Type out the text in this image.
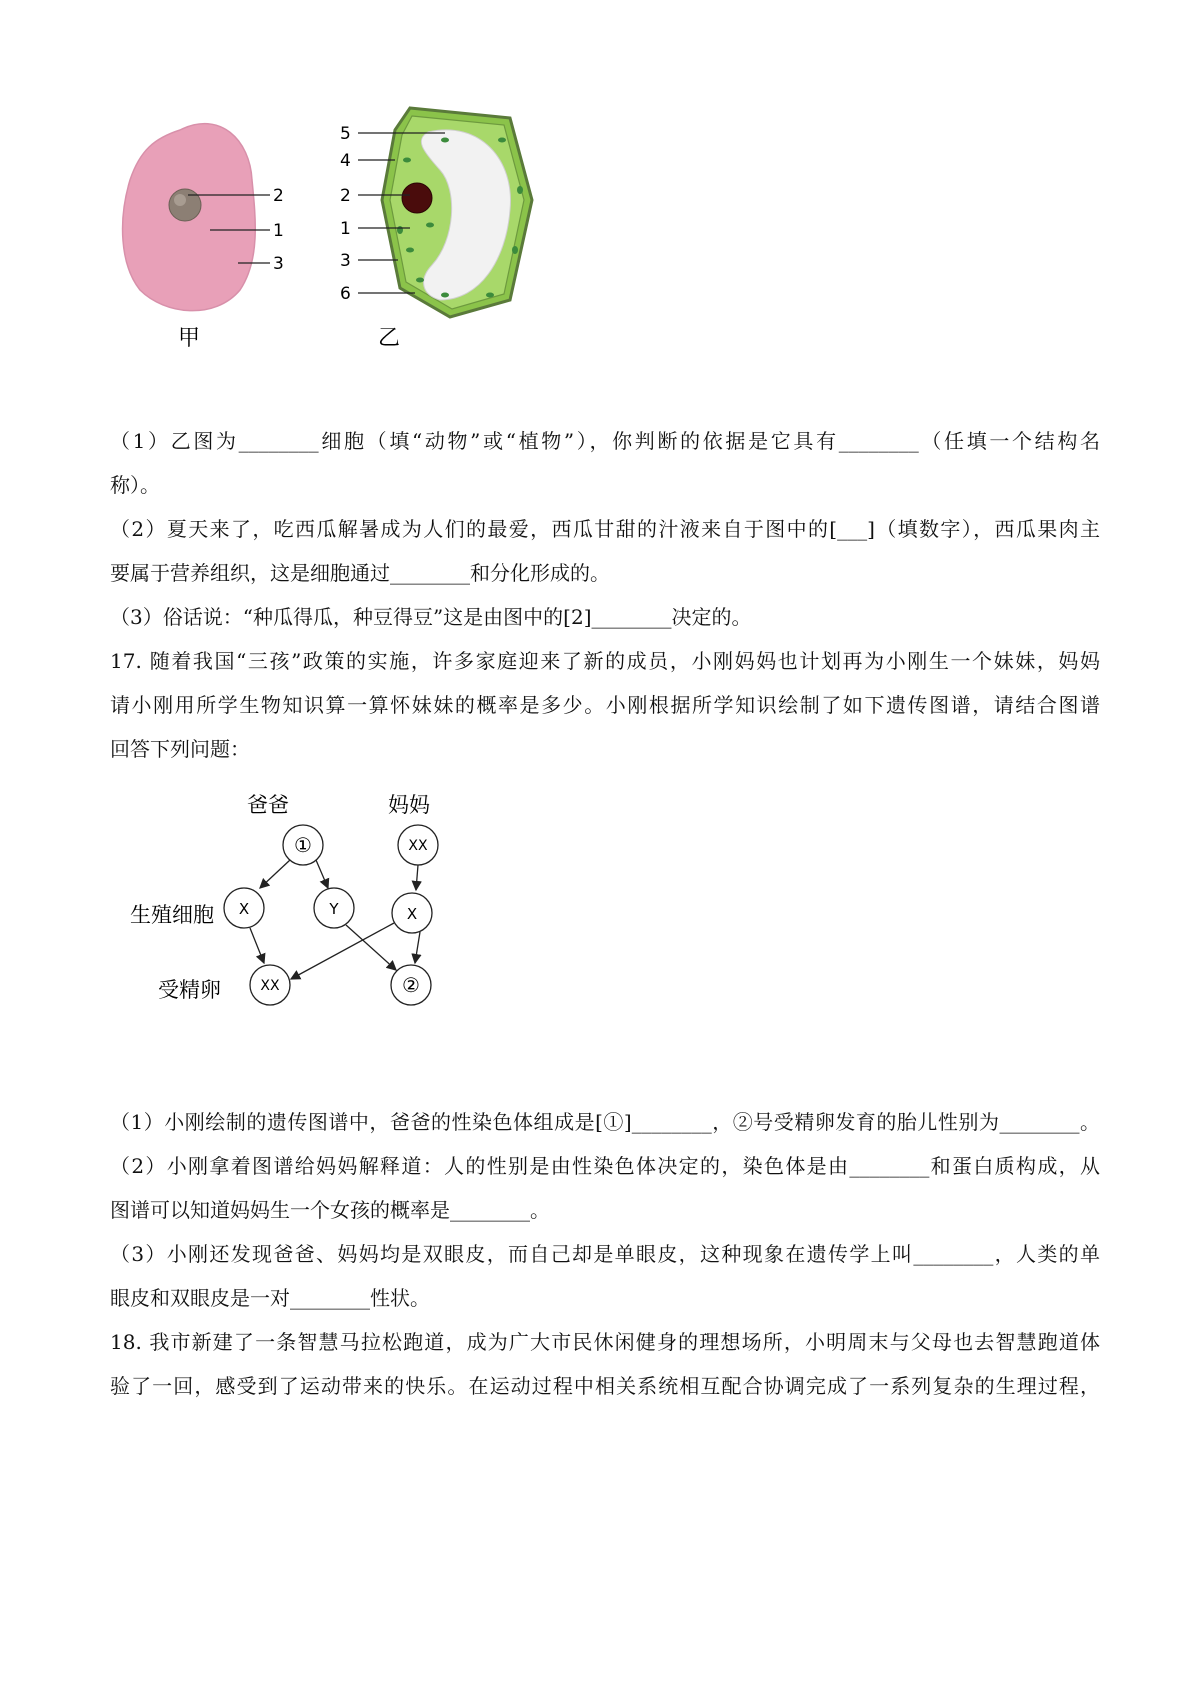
2
1
3
甲
5
4
2
1
3
6
乙

（1）乙图为________细胞（填“动物”或“植物”），你判断的依据是它具有________（任填一个结构名

称）。

（2）夏天来了，吃西瓜解暑成为人们的最爱，西瓜甘甜的汁液来自于图中的[___]（填数字），西瓜果肉主

要属于营养组织，这是细胞通过________和分化形成的。

（3）俗话说：“种瓜得瓜，种豆得豆”这是由图中的[2]________决定的。

17. 随着我国“三孩”政策的实施，许多家庭迎来了新的成员，小刚妈妈也计划再为小刚生一个妹妹，妈妈

请小刚用所学生物知识算一算怀妹妹的概率是多少。小刚根据所学知识绘制了如下遗传图谱，请结合图谱

回答下列问题：

爸爸	妈妈
生殖细胞
受精卵
①	XX
X	Y	X
XX	②

（1）小刚绘制的遗传图谱中，爸爸的性染色体组成是[①]________，②号受精卵发育的胎儿性别为________。

（2）小刚拿着图谱给妈妈解释道：人的性别是由性染色体决定的，染色体是由________和蛋白质构成，从

图谱可以知道妈妈生一个女孩的概率是________。

（3）小刚还发现爸爸、妈妈均是双眼皮，而自己却是单眼皮，这种现象在遗传学上叫________，人类的单

眼皮和双眼皮是一对________性状。

18. 我市新建了一条智慧马拉松跑道，成为广大市民休闲健身的理想场所，小明周末与父母也去智慧跑道体

验了一回，感受到了运动带来的快乐。在运动过程中相关系统相互配合协调完成了一系列复杂的生理过程，
